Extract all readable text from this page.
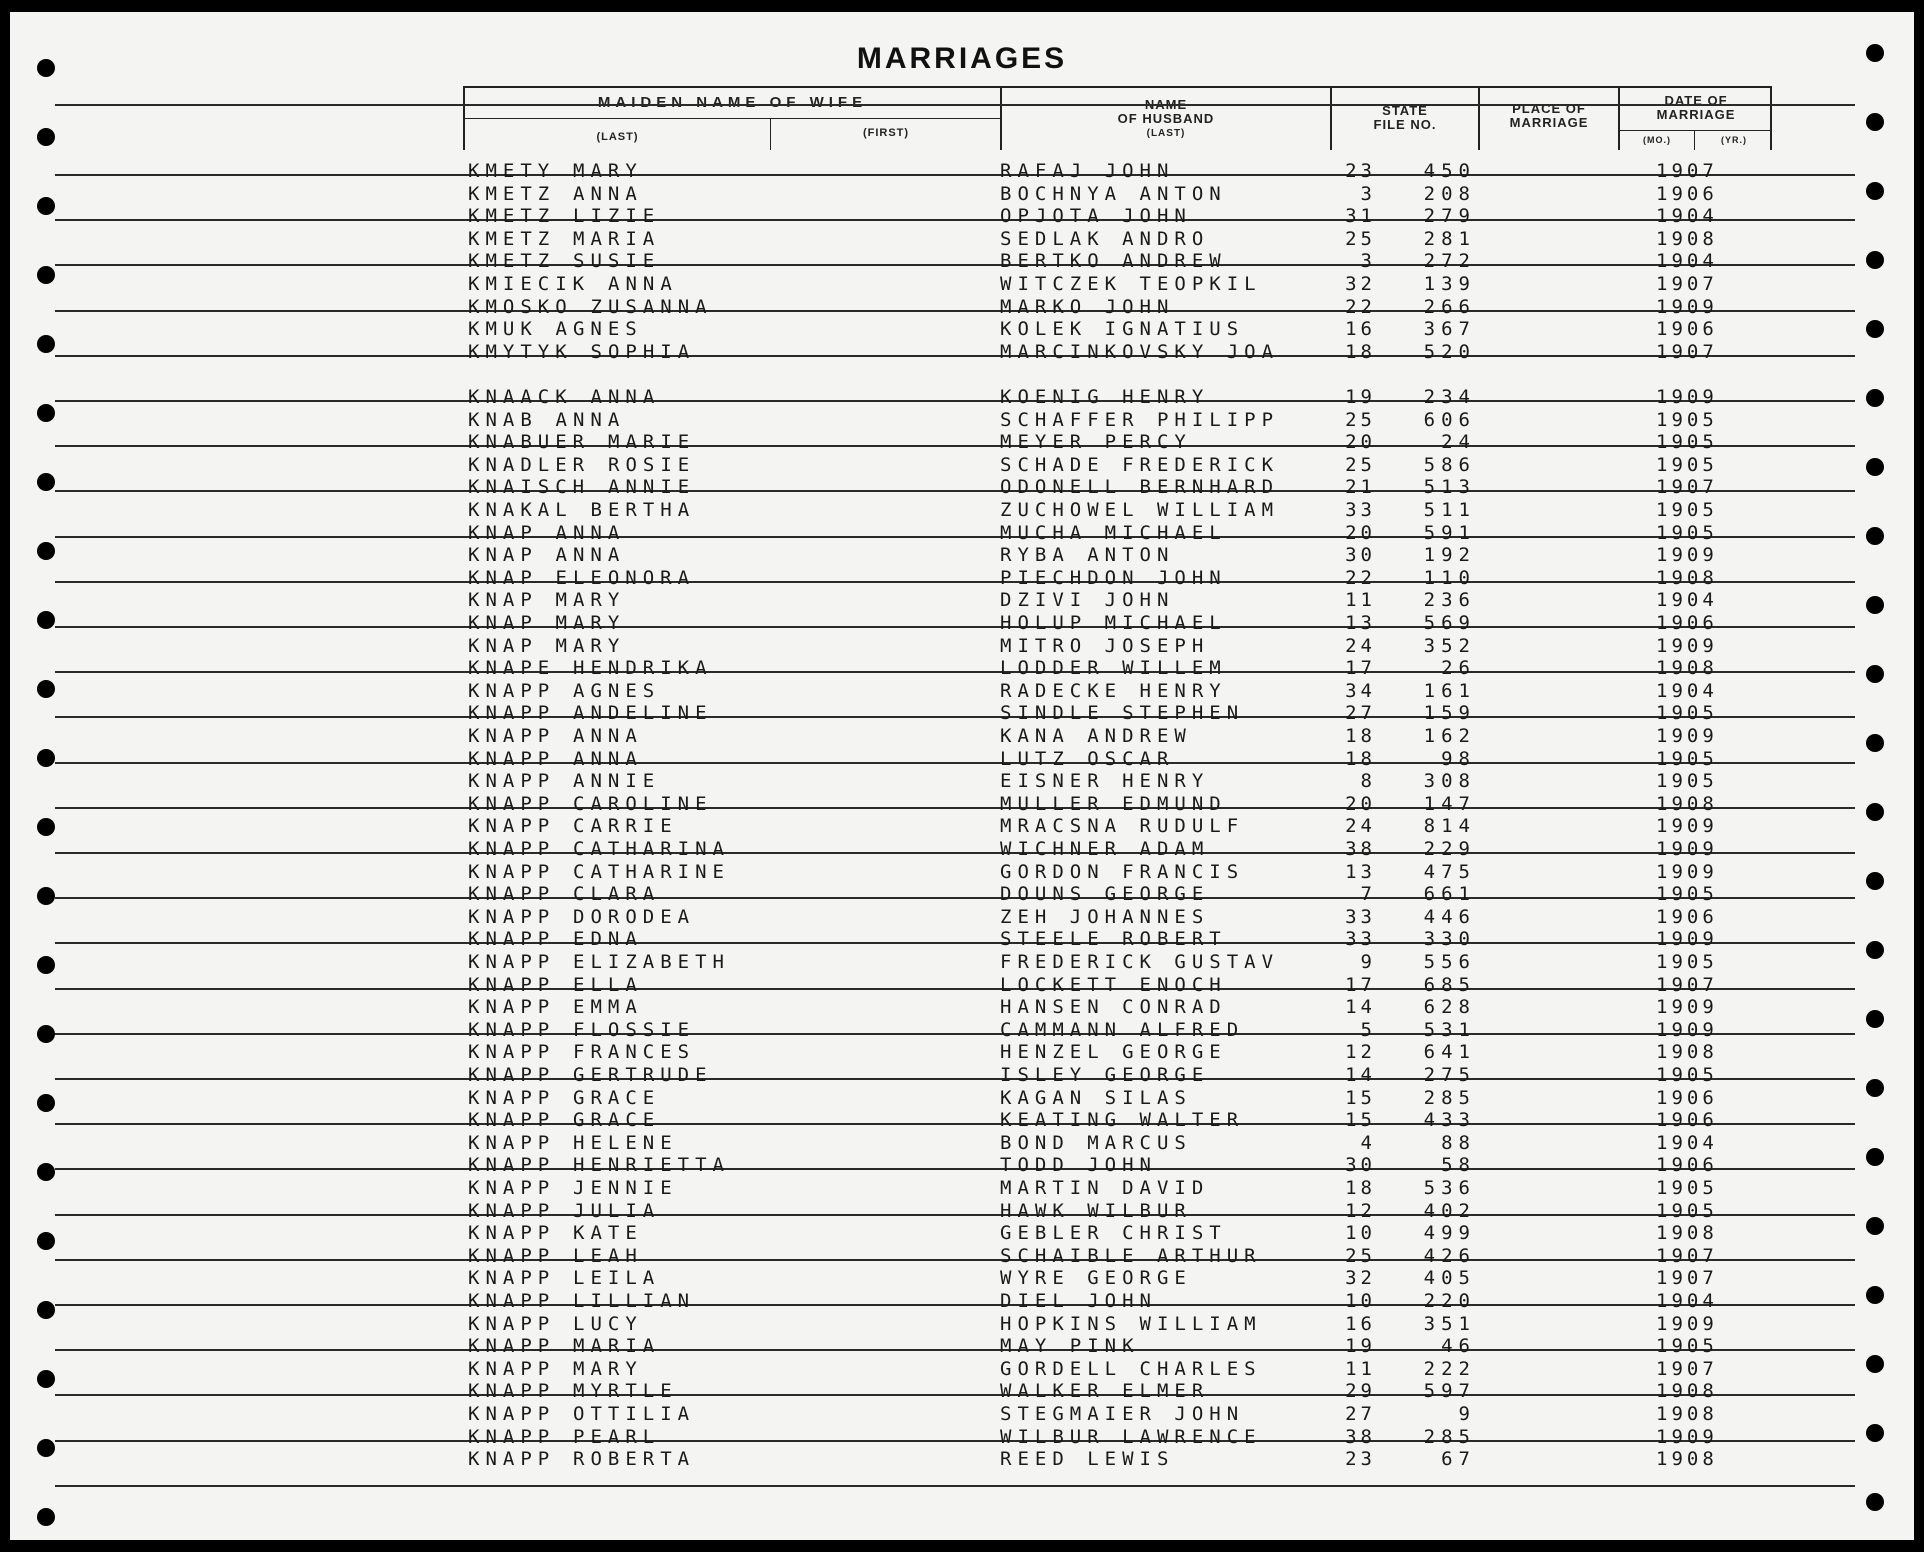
MARRIAGES
MAIDEN NAME OF WIFE
(LAST)	(FIRST)
NAME
OF HUSBAND
(LAST)
STATE
FILE NO.
PLACE OF
MARRIAGE
DATE OF
MARRIAGE
(MO.)	(YR.)
KMETY MARY	RAFAJ JOHN	23	450	1907
KMETZ ANNA	BOCHNYA ANTON	3	208	1906
KMETZ LIZIE	OPJOTA JOHN	31	279	1904
KMETZ MARIA	SEDLAK ANDRO	25	281	1908
KMETZ SUSIE	BERTKO ANDREW	3	272	1904
KMIECIK ANNA	WITCZEK TEOPKIL	32	139	1907
KMOSKO ZUSANNA	MARKO JOHN	22	266	1909
KMUK AGNES	KOLEK IGNATIUS	16	367	1906
KMYTYK SOPHIA	MARCINKOVSKY JOA	18	520	1907
KNAACK ANNA	KOENIG HENRY	19	234	1909
KNAB ANNA	SCHAFFER PHILIPP	25	606	1905
KNABUER MARIE	MEYER PERCY	20	24	1905
KNADLER ROSIE	SCHADE FREDERICK	25	586	1905
KNAISCH ANNIE	ODONELL BERNHARD	21	513	1907
KNAKAL BERTHA	ZUCHOWEL WILLIAM	33	511	1905
KNAP ANNA	MUCHA MICHAEL	20	591	1905
KNAP ANNA	RYBA ANTON	30	192	1909
KNAP ELEONORA	PIECHDON JOHN	22	110	1908
KNAP MARY	DZIVI JOHN	11	236	1904
KNAP MARY	HOLUP MICHAEL	13	569	1906
KNAP MARY	MITRO JOSEPH	24	352	1909
KNAPE HENDRIKA	LODDER WILLEM	17	26	1908
KNAPP AGNES	RADECKE HENRY	34	161	1904
KNAPP ANDELINE	SINDLE STEPHEN	27	159	1905
KNAPP ANNA	KANA ANDREW	18	162	1909
KNAPP ANNA	LUTZ OSCAR	18	98	1905
KNAPP ANNIE	EISNER HENRY	8	308	1905
KNAPP CAROLINE	MULLER EDMUND	20	147	1908
KNAPP CARRIE	MRACSNA RUDULF	24	814	1909
KNAPP CATHARINA	WICHNER ADAM	38	229	1909
KNAPP CATHARINE	GORDON FRANCIS	13	475	1909
KNAPP CLARA	DOUNS GEORGE	7	661	1905
KNAPP DORODEA	ZEH JOHANNES	33	446	1906
KNAPP EDNA	STEELE ROBERT	33	330	1909
KNAPP ELIZABETH	FREDERICK GUSTAV	9	556	1905
KNAPP ELLA	LOCKETT ENOCH	17	685	1907
KNAPP EMMA	HANSEN CONRAD	14	628	1909
KNAPP FLOSSIE	CAMMANN ALFRED	5	531	1909
KNAPP FRANCES	HENZEL GEORGE	12	641	1908
KNAPP GERTRUDE	ISLEY GEORGE	14	275	1905
KNAPP GRACE	KAGAN SILAS	15	285	1906
KNAPP GRACE	KEATING WALTER	15	433	1906
KNAPP HELENE	BOND MARCUS	4	88	1904
KNAPP HENRIETTA	TODD JOHN	30	58	1906
KNAPP JENNIE	MARTIN DAVID	18	536	1905
KNAPP JULIA	HAWK WILBUR	12	402	1905
KNAPP KATE	GEBLER CHRIST	10	499	1908
KNAPP LEAH	SCHAIBLE ARTHUR	25	426	1907
KNAPP LEILA	WYRE GEORGE	32	405	1907
KNAPP LILLIAN	DIEL JOHN	10	220	1904
KNAPP LUCY	HOPKINS WILLIAM	16	351	1909
KNAPP MARIA	MAY PINK	19	46	1905
KNAPP MARY	GORDELL CHARLES	11	222	1907
KNAPP MYRTLE	WALKER ELMER	29	597	1908
KNAPP OTTILIA	STEGMAIER JOHN	27	9	1908
KNAPP PEARL	WILBUR LAWRENCE	38	285	1909
KNAPP ROBERTA	REED LEWIS	23	67	1908
